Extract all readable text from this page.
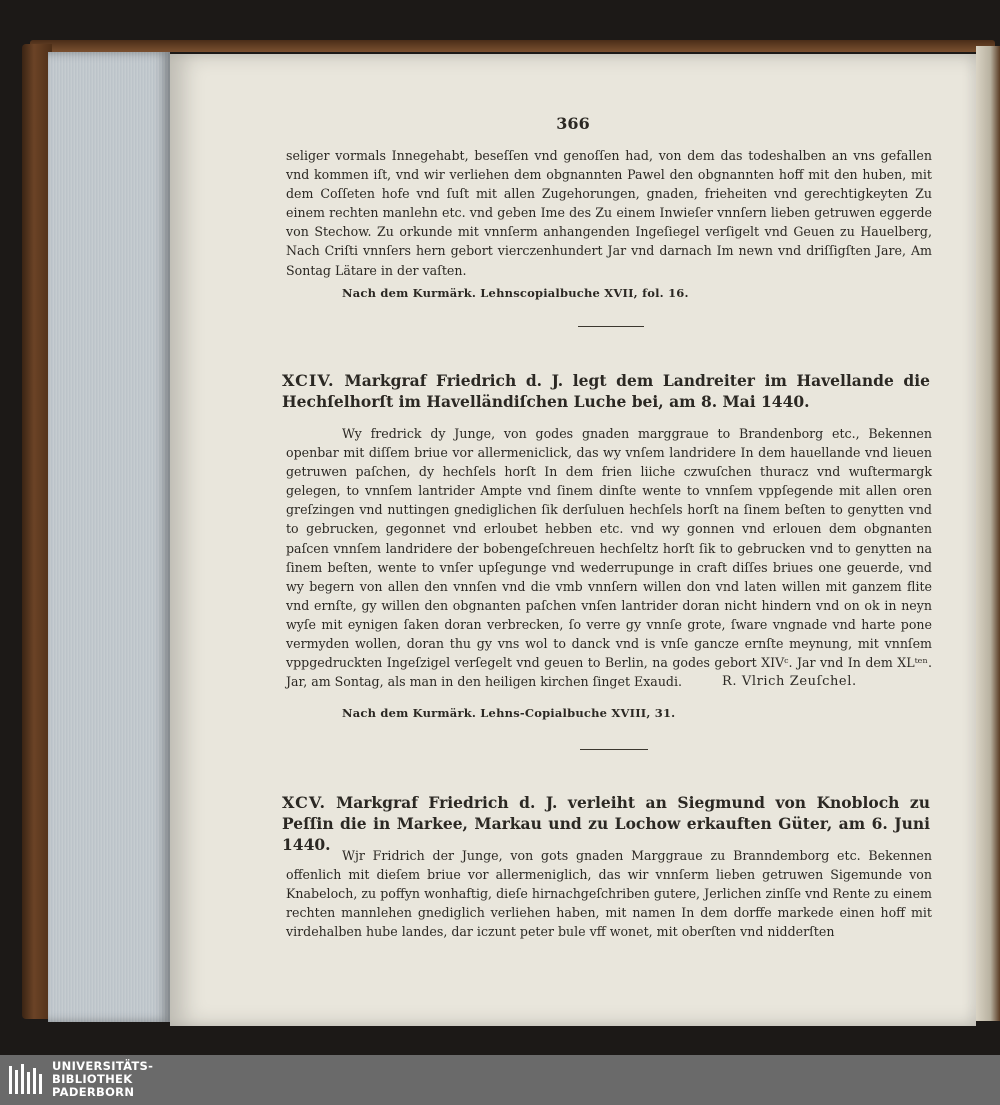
366

seliger vormals Innegehabt, beseſſen vnd genoſſen had, von dem das todeshalben an vns gefallen vnd kommen iſt, vnd wir verliehen dem obgnannten Pawel den obgnannten hoff mit den huben, mit dem Coſſeten hofe vnd ſuſt mit allen Zugehorungen, gnaden, frieheiten vnd gerechtigkeyten Zu einem rechten manlehn etc. vnd geben Ime des Zu einem Inwieſer vnnſern lieben getruwen eggerde von Stechow. Zu orkunde mit vnnſerm anhangenden Ingeſiegel verſigelt vnd Geuen zu Hauelberg, Nach Criſti vnnſers hern gebort vierczenhundert Jar vnd darnach Im newn vnd driſſigſten Jare, Am Sontag Lätare in der vaſten.

Nach dem Kurmärk. Lehnscopialbuche XVII, fol. 16.
XCIV. Markgraf Friedrich d. J. legt dem Landreiter im Havellande die Hechſelhorſt im Havelländiſchen Luche bei, am 8. Mai 1440.

Wy fredrick dy Junge, von godes gnaden marggraue to Brandenborg etc., Bekennen openbar mit diſſem briue vor allermeniclick, das wy vnſem landridere In dem hauellande vnd lieuen getruwen paſchen, dy hechſels horſt In dem frien liiche czwuſchen thuracz vnd wuſtermargk gelegen, to vnnſem lantrider Ampte vnd ſinem dinſte wente to vnnſem vppſegende mit allen oren greſzingen vnd nuttingen gnediglichen ſik derſuluen hechſels horſt na ſinem beſten to genytten vnd to gebrucken, gegonnet vnd erloubet hebben etc. vnd wy gonnen vnd erlouen dem obgnanten paſcen vnnſem landridere der bobengeſchreuen hechſeltz horſt ſik to gebrucken vnd to genytten na ſinem beſten, wente to vnſer upſegunge vnd wederrupunge in craft diſſes briues one geuerde, vnd wy begern von allen den vnnſen vnd die vmb vnnſern willen don vnd laten willen mit ganzem flite vnd ernſte, gy willen den obgnanten paſchen vnſen lantrider doran nicht hindern vnd on ok in neyn wyſe mit eynigen ſaken doran verbrecken, ſo verre gy vnnſe grote, ſware vngnade vnd harte pone vermyden wollen, doran thu gy vns wol to danck vnd is vnſe gancze ernſte meynung, mit vnnſem vppgedruckten Ingeſzigel verſegelt vnd geuen to Berlin, na godes gebort XIVᶜ. Jar vnd In dem XLᵗᵉⁿ. Jar, am Sontag, als man in den heiligen kirchen ſinget Exaudi.	R. Vlrich Zeuſchel.
Nach dem Kurmärk. Lehns-Copialbuche XVIII, 31.
XCV. Markgraf Friedrich d. J. verleiht an Siegmund von Knobloch zu Peſſin die in Markee, Markau und zu Lochow erkauften Güter, am 6. Juni 1440.

Wjr Fridrich der Junge, von gots gnaden Marggraue zu Branndemborg etc. Bekennen offenlich mit dieſem briue vor allermeniglich, das wir vnnſerm lieben getruwen Sigemunde von Knabeloch, zu poffyn wonhaftig, dieſe hirnachgeſchriben gutere, Jerlichen zinſſe vnd Rente zu einem rechten mannlehen gnediglich verliehen haben, mit namen In dem dorffe markede einen hoff mit virdehalben hube landes, dar iczunt peter bule vff wonet, mit oberſten vnd nidderſten

UNIVERSITÄTS-
BIBLIOTHEK
PADERBORN
